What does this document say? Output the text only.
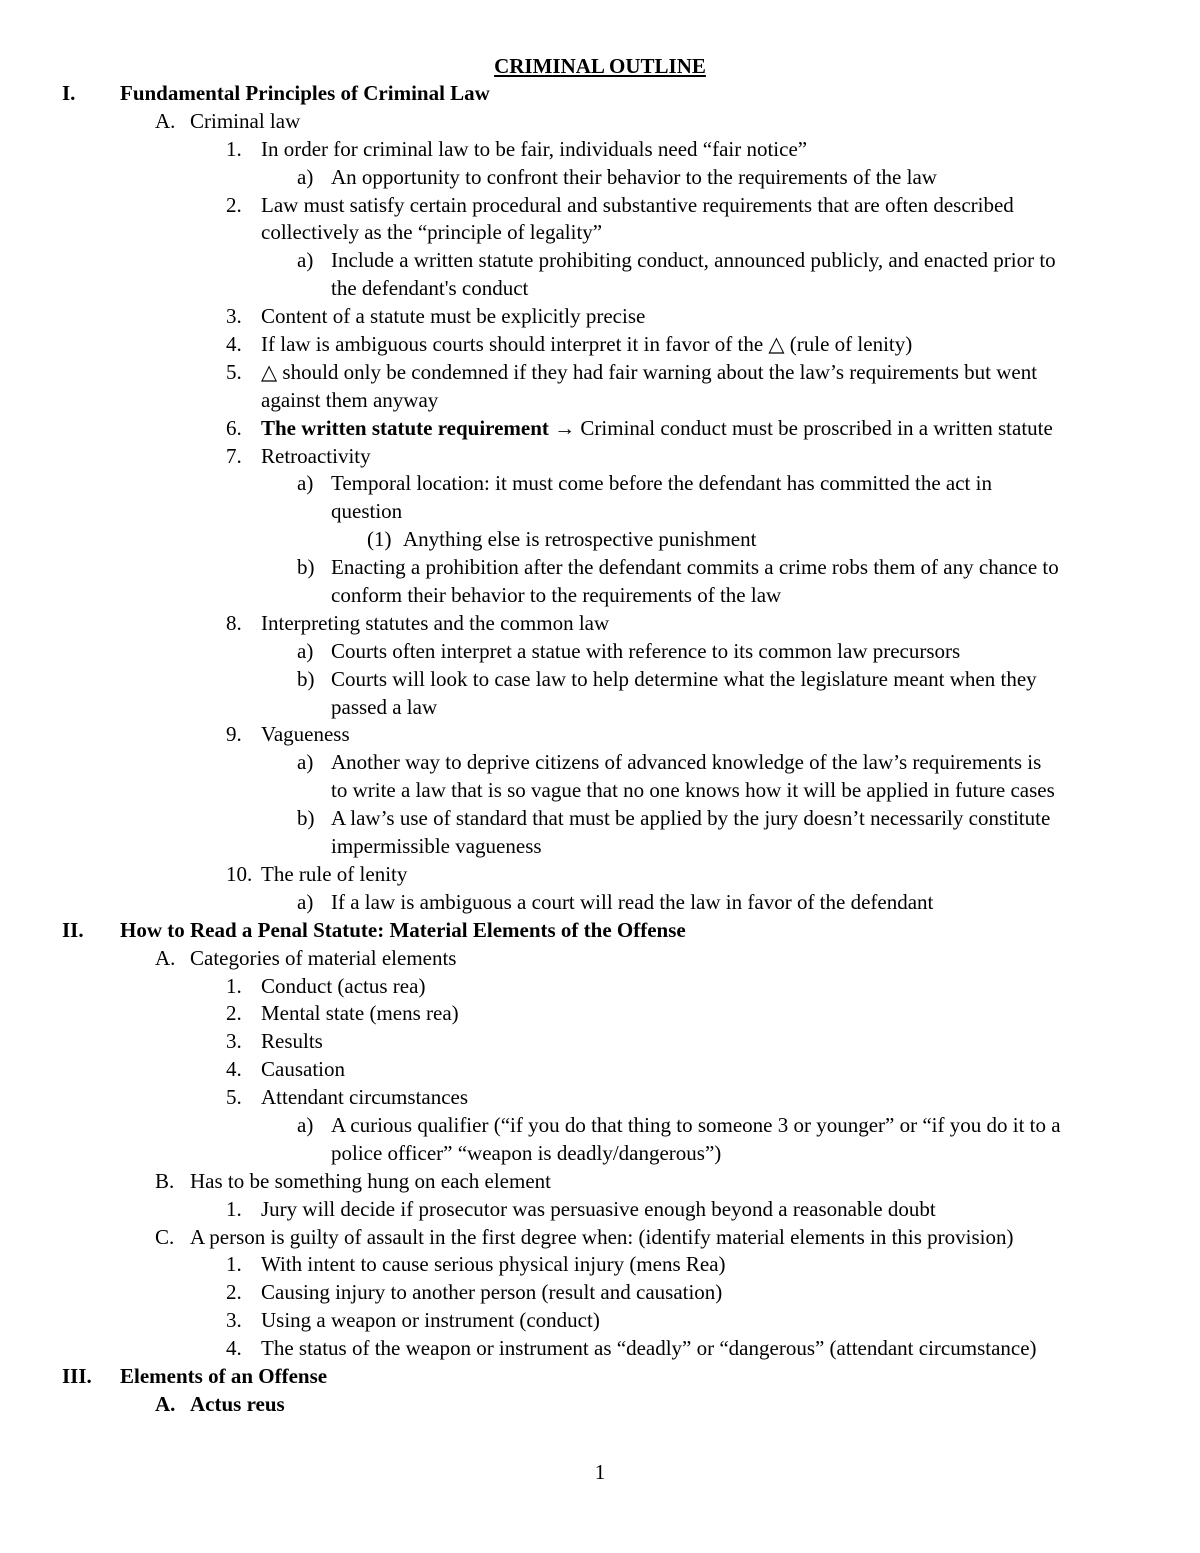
CRIMINAL OUTLINE
I. Fundamental Principles of Criminal Law
A. Criminal law
1. In order for criminal law to be fair, individuals need “fair notice”
a) An opportunity to confront their behavior to the requirements of the law
2. Law must satisfy certain procedural and substantive requirements that are often described
collectively as the “principle of legality”
a) Include a written statute prohibiting conduct, announced publicly, and enacted prior to
the defendant's conduct
3. Content of a statute must be explicitly precise
4. If law is ambiguous courts should interpret it in favor of the △ (rule of lenity)
5. △ should only be condemned if they had fair warning about the law’s requirements but went
against them anyway
6. The written statute requirement → Criminal conduct must be proscribed in a written statute
7. Retroactivity
a) Temporal location: it must come before the defendant has committed the act in
question
(1) Anything else is retrospective punishment
b) Enacting a prohibition after the defendant commits a crime robs them of any chance to
conform their behavior to the requirements of the law
8. Interpreting statutes and the common law
a) Courts often interpret a statue with reference to its common law precursors
b) Courts will look to case law to help determine what the legislature meant when they
passed a law
9. Vagueness
a) Another way to deprive citizens of advanced knowledge of the law’s requirements is
to write a law that is so vague that no one knows how it will be applied in future cases
b) A law’s use of standard that must be applied by the jury doesn’t necessarily constitute
impermissible vagueness
10. The rule of lenity
a) If a law is ambiguous a court will read the law in favor of the defendant
II. How to Read a Penal Statute: Material Elements of the Offense
A. Categories of material elements
1. Conduct (actus rea)
2. Mental state (mens rea)
3. Results
4. Causation
5. Attendant circumstances
a) A curious qualifier (“if you do that thing to someone 3 or younger” or “if you do it to a
police officer” “weapon is deadly/dangerous”)
B. Has to be something hung on each element
1. Jury will decide if prosecutor was persuasive enough beyond a reasonable doubt
C. A person is guilty of assault in the first degree when: (identify material elements in this provision)
1. With intent to cause serious physical injury (mens Rea)
2. Causing injury to another person (result and causation)
3. Using a weapon or instrument (conduct)
4. The status of the weapon or instrument as “deadly” or “dangerous” (attendant circumstance)
III. Elements of an Offense
A. Actus reus
1
